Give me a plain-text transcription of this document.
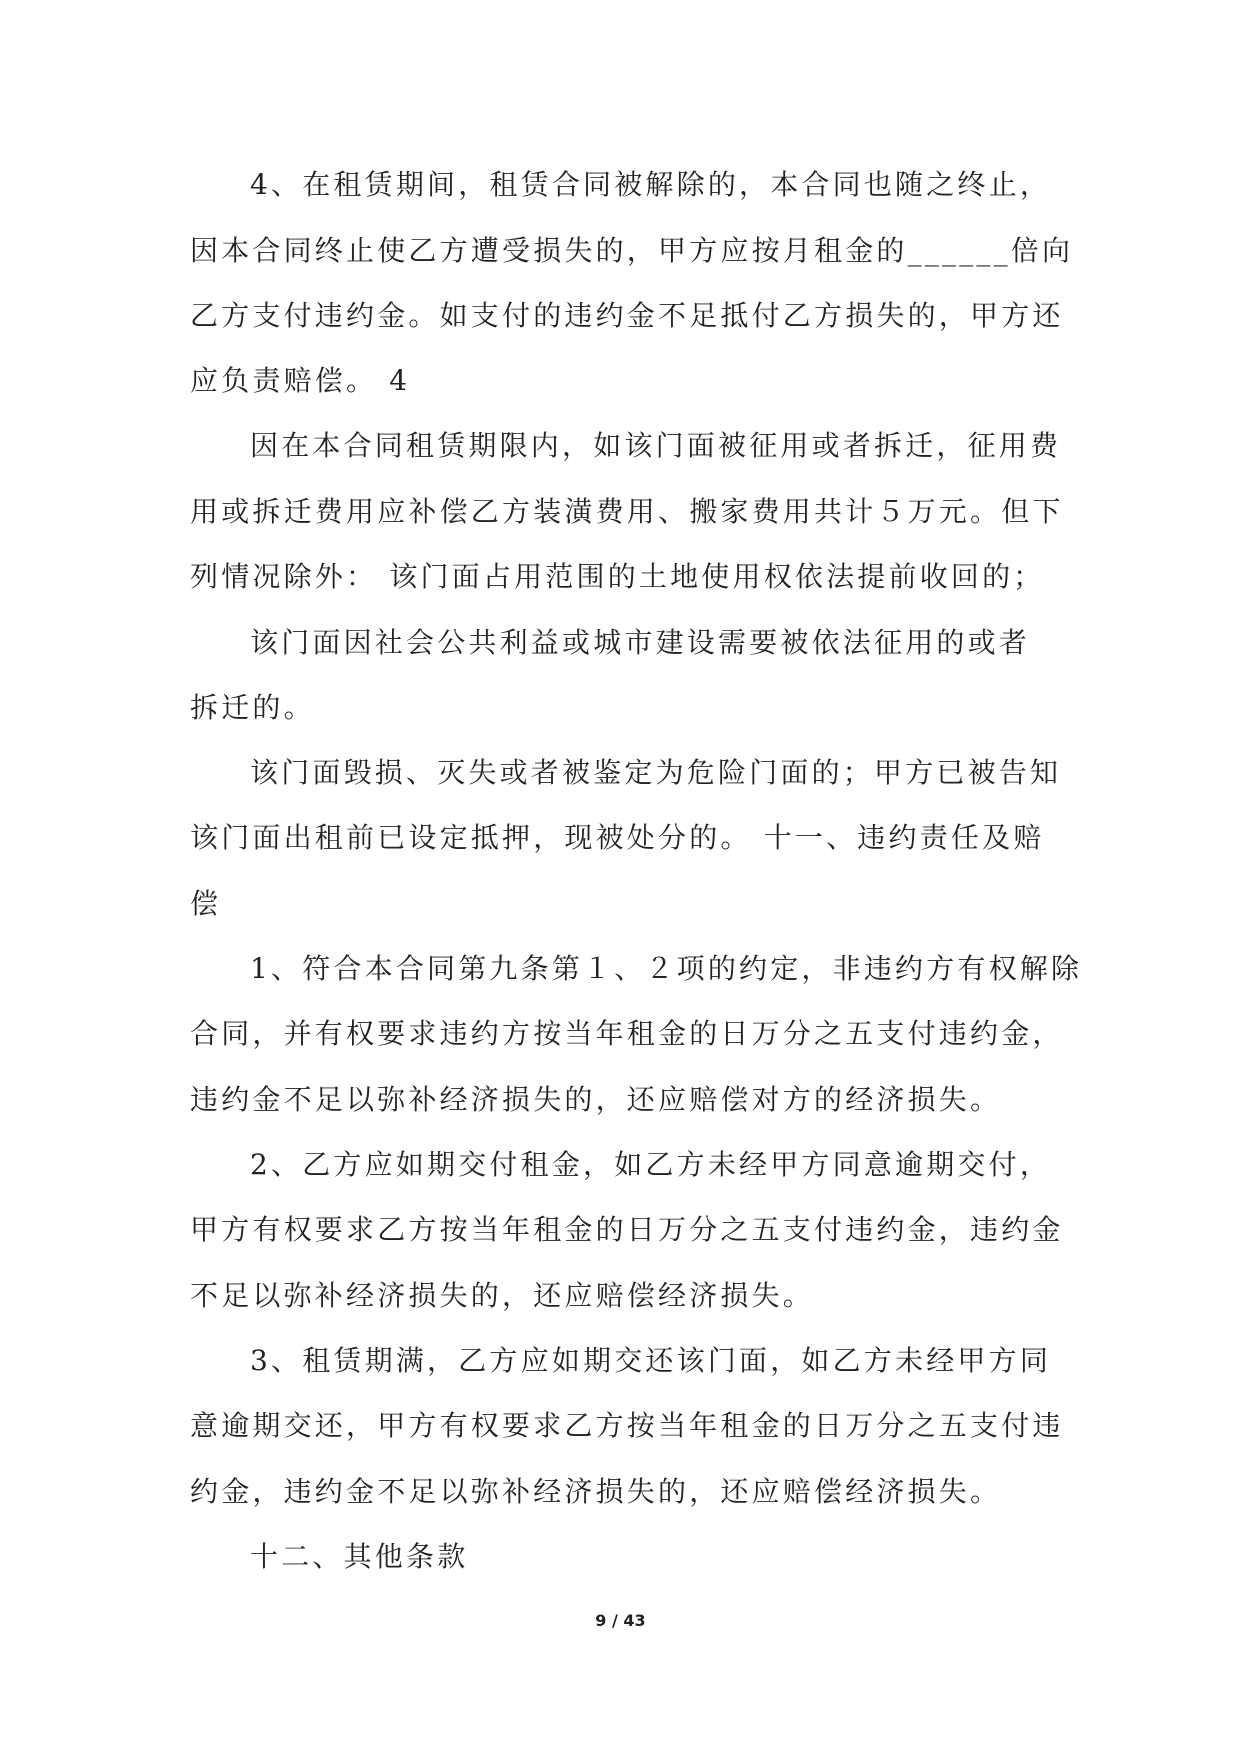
4、在租赁期间，租赁合同被解除的，本合同也随之终止，

因本合同终止使乙方遭受损失的，甲方应按月租金的______倍向

乙方支付违约金。如支付的违约金不足抵付乙方损失的，甲方还

应负责赔偿。 4

因在本合同租赁期限内，如该门面被征用或者拆迁，征用费

用或拆迁费用应补偿乙方装潢费用、搬家费用共计５万元。但下

列情况除外： 该门面占用范围的土地使用权依法提前收回的；

该门面因社会公共利益或城市建设需要被依法征用的或者

拆迁的。

该门面毁损、灭失或者被鉴定为危险门面的；甲方已被告知

该门面出租前已设定抵押，现被处分的。 十一、违约责任及赔

偿

1、符合本合同第九条第１、２项的约定，非违约方有权解除

合同，并有权要求违约方按当年租金的日万分之五支付违约金，

违约金不足以弥补经济损失的，还应赔偿对方的经济损失。

2、乙方应如期交付租金，如乙方未经甲方同意逾期交付，

甲方有权要求乙方按当年租金的日万分之五支付违约金，违约金

不足以弥补经济损失的，还应赔偿经济损失。

3、租赁期满，乙方应如期交还该门面，如乙方未经甲方同

意逾期交还，甲方有权要求乙方按当年租金的日万分之五支付违

约金，违约金不足以弥补经济损失的，还应赔偿经济损失。

十二、其他条款

9 / 43
